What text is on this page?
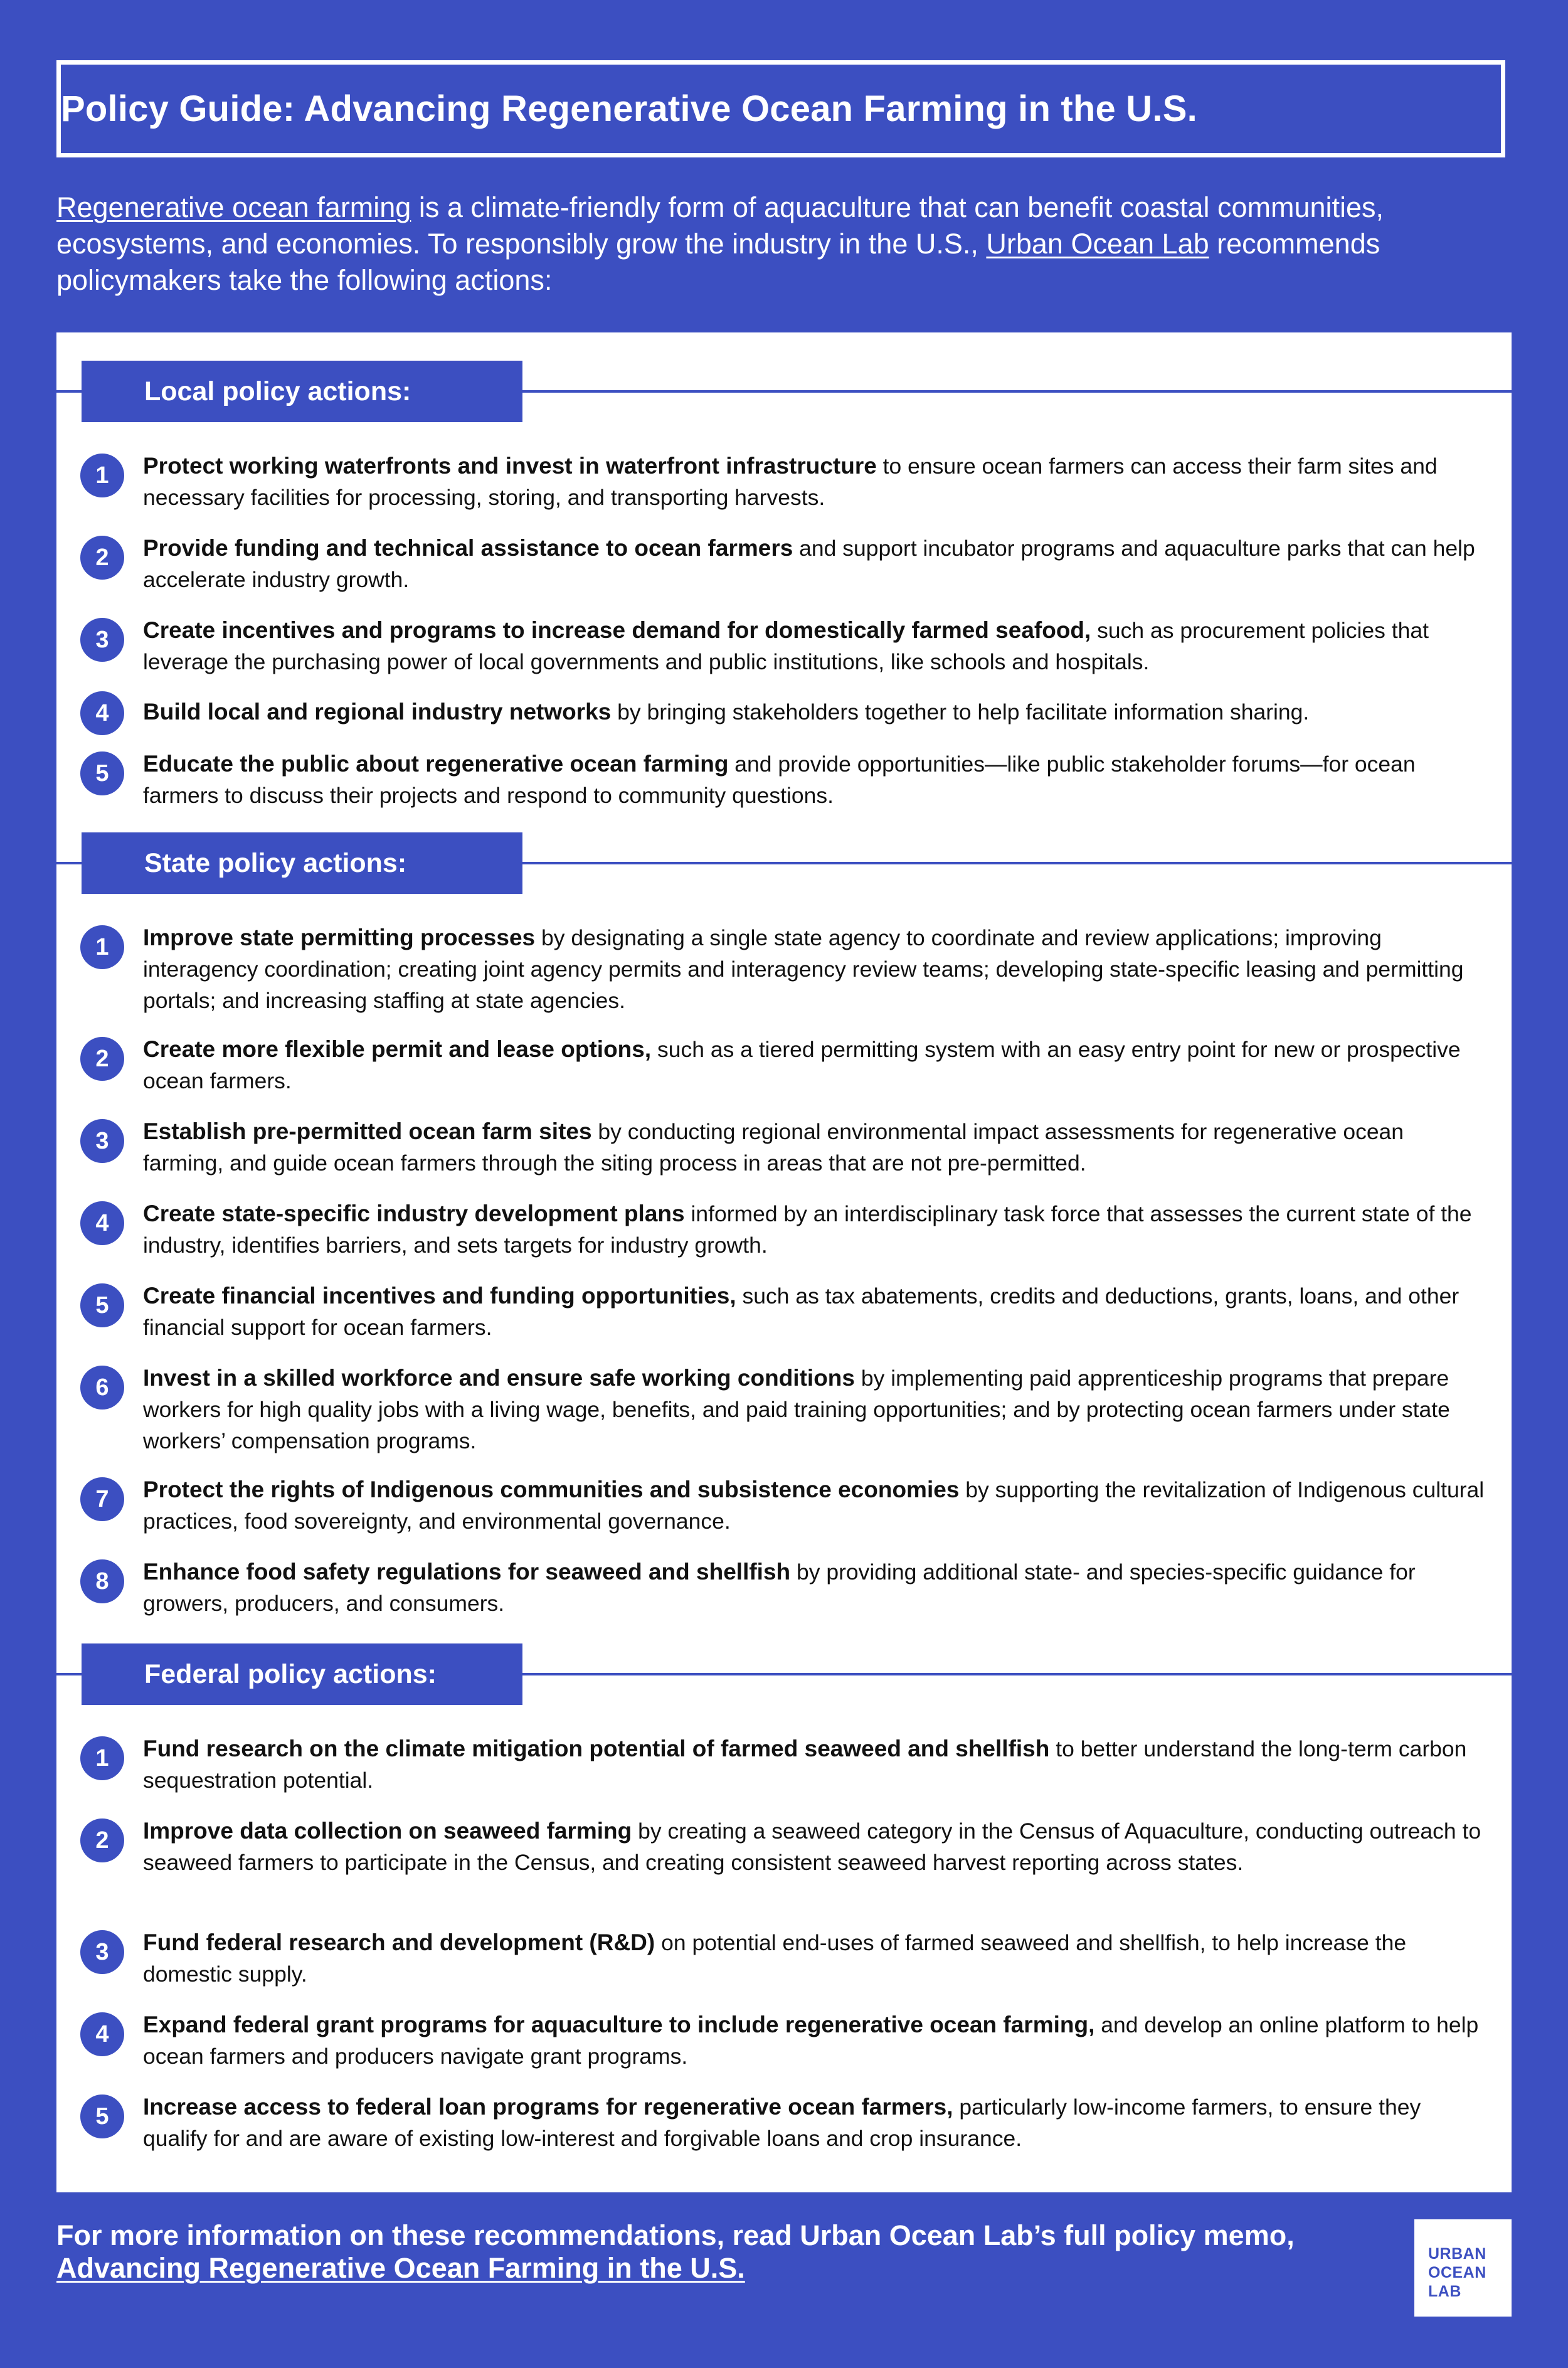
Policy Guide: Advancing Regenerative Ocean Farming in the U.S.
Regenerative ocean farming is a climate-friendly form of aquaculture that can benefit coastal communities, ecosystems, and economies. To responsibly grow the industry in the U.S., Urban Ocean Lab recommends policymakers take the following actions:
Local policy actions:
1	Protect working waterfronts and invest in waterfront infrastructure to ensure ocean farmers can access their farm sites and necessary facilities for processing, storing, and transporting harvests.
2	Provide funding and technical assistance to ocean farmers and support incubator programs and aquaculture parks that can help accelerate industry growth.
3	Create incentives and programs to increase demand for domestically farmed seafood, such as procurement policies that leverage the purchasing power of local governments and public institutions, like schools and hospitals.
4	Build local and regional industry networks by bringing stakeholders together to help facilitate information sharing.
5	Educate the public about regenerative ocean farming and provide opportunities—like public stakeholder forums—for ocean farmers to discuss their projects and respond to community questions.
State policy actions:
1	Improve state permitting processes by designating a single state agency to coordinate and review applications; improving interagency coordination; creating joint agency permits and interagency review teams; developing state-specific leasing and permitting portals; and increasing staffing at state agencies.
2	Create more flexible permit and lease options, such as a tiered permitting system with an easy entry point for new or prospective ocean farmers.
3	Establish pre-permitted ocean farm sites by conducting regional environmental impact assessments for regenerative ocean farming, and guide ocean farmers through the siting process in areas that are not pre-permitted.
4	Create state-specific industry development plans informed by an interdisciplinary task force that assesses the current state of the industry, identifies barriers, and sets targets for industry growth.
5	Create financial incentives and funding opportunities, such as tax abatements, credits and deductions, grants, loans, and other financial support for ocean farmers.
6	Invest in a skilled workforce and ensure safe working conditions by implementing paid apprenticeship programs that prepare workers for high quality jobs with a living wage, benefits, and paid training opportunities; and by protecting ocean farmers under state workers’ compensation programs.
7	Protect the rights of Indigenous communities and subsistence economies by supporting the revitalization of Indigenous cultural practices, food sovereignty, and environmental governance.
8	Enhance food safety regulations for seaweed and shellfish by providing additional state- and species-specific guidance for growers, producers, and consumers.
Federal policy actions:
1	Fund research on the climate mitigation potential of farmed seaweed and shellfish to better understand the long-term carbon sequestration potential.
2	Improve data collection on seaweed farming by creating a seaweed category in the Census of Aquaculture, conducting outreach to seaweed farmers to participate in the Census, and creating consistent seaweed harvest reporting across states.
3	Fund federal research and development (R&D) on potential end-uses of farmed seaweed and shellfish, to help increase the domestic supply.
4	Expand federal grant programs for aquaculture to include regenerative ocean farming, and develop an online platform to help ocean farmers and producers navigate grant programs.
5	Increase access to federal loan programs for regenerative ocean farmers, particularly low-income farmers, to ensure they qualify for and are aware of existing low-interest and forgivable loans and crop insurance.
For more information on these recommendations, read Urban Ocean Lab’s full policy memo,
Advancing Regenerative Ocean Farming in the U.S.	URBAN
OCEAN
LAB
